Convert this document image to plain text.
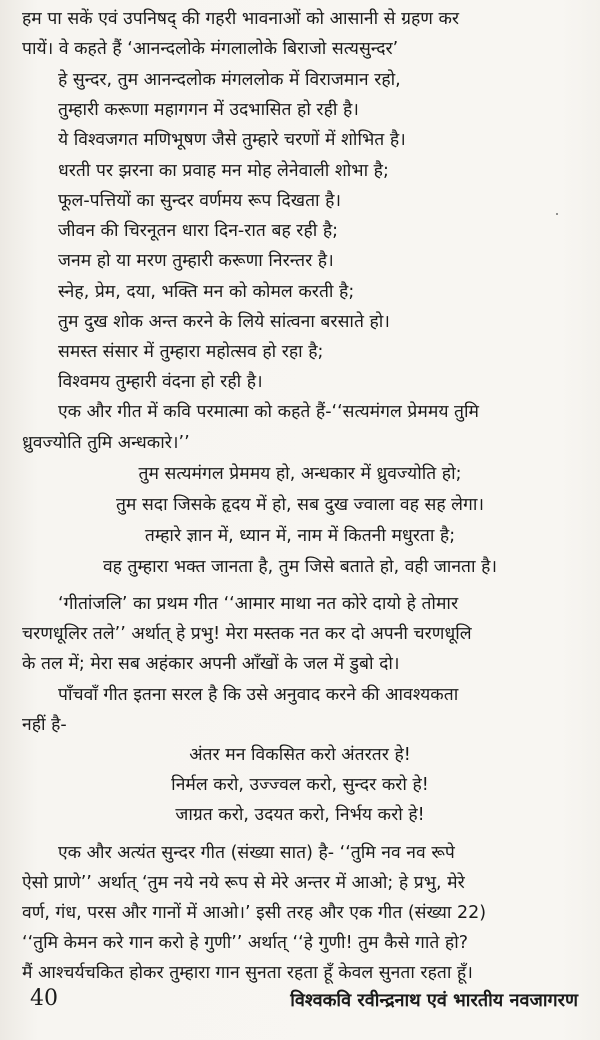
हम पा सकें एवं उपनिषद् की गहरी भावनाओं को आसानी से ग्रहण कर
पायें। वे कहते हैं ‘आनन्दलोके मंगलालोके बिराजो सत्यसुन्दर’
हे सुन्दर, तुम आनन्दलोक मंगललोक में विराजमान रहो,
तुम्हारी करूणा महागगन में उदभासित हो रही है।
ये विश्वजगत मणिभूषण जैसे तुम्हारे चरणों में शोभित है।
धरती पर झरना का प्रवाह मन मोह लेनेवाली शोभा है;
फूल-पत्तियों का सुन्दर वर्णमय रूप दिखता है।
जीवन की चिरनूतन धारा दिन-रात बह रही है;
जनम हो या मरण तुम्हारी करूणा निरन्तर है।
स्नेह, प्रेम, दया, भक्ति मन को कोमल करती है;
तुम दुख शोक अन्त करने के लिये सांत्वना बरसाते हो।
समस्त संसार में तुम्हारा महोत्सव हो रहा है;
विश्वमय तुम्हारी वंदना हो रही है।
एक और गीत में कवि परमात्मा को कहते हैं-‘‘सत्यमंगल प्रेममय तुमि
ध्रुवज्योति तुमि अन्धकारे।’’
तुम सत्यमंगल प्रेममय हो, अन्धकार में ध्रुवज्योति हो;
तुम सदा जिसके हृदय में हो, सब दुख ज्वाला वह सह लेगा।
तम्हारे ज्ञान में, ध्यान में, नाम में कितनी मधुरता है;
वह तुम्हारा भक्त जानता है, तुम जिसे बताते हो, वही जानता है।
‘गीतांजलि’ का प्रथम गीत ‘‘आमार माथा नत कोरे दायो हे तोमार
चरणधूलिर तले’’ अर्थात् हे प्रभु! मेरा मस्तक नत कर दो अपनी चरणधूलि
के तल में; मेरा सब अहंकार अपनी आँखों के जल में डुबो दो।
पाँचवाँ गीत इतना सरल है कि उसे अनुवाद करने की आवश्यकता
नहीं है-
अंतर मन विकसित करो अंतरतर हे!
निर्मल करो, उज्ज्वल करो, सुन्दर करो हे!
जाग्रत करो, उदयत करो, निर्भय करो हे!
एक और अत्यंत सुन्दर गीत (संख्या सात) है- ‘‘तुमि नव नव रूपे
ऐसो प्राणे’’ अर्थात् ‘तुम नये नये रूप से मेरे अन्तर में आओ; हे प्रभु, मेरे
वर्ण, गंध, परस और गानों में आओ।’ इसी तरह और एक गीत (संख्या 22)
‘‘तुमि केमन करे गान करो हे गुणी’’ अर्थात् ‘‘हे गुणी! तुम कैसे गाते हो?
मैं आश्चर्यचकित होकर तुम्हारा गान सुनता रहता हूँ केवल सुनता रहता हूँ।
40	विश्वकवि रवीन्द्रनाथ एवं भारतीय नवजागरण
